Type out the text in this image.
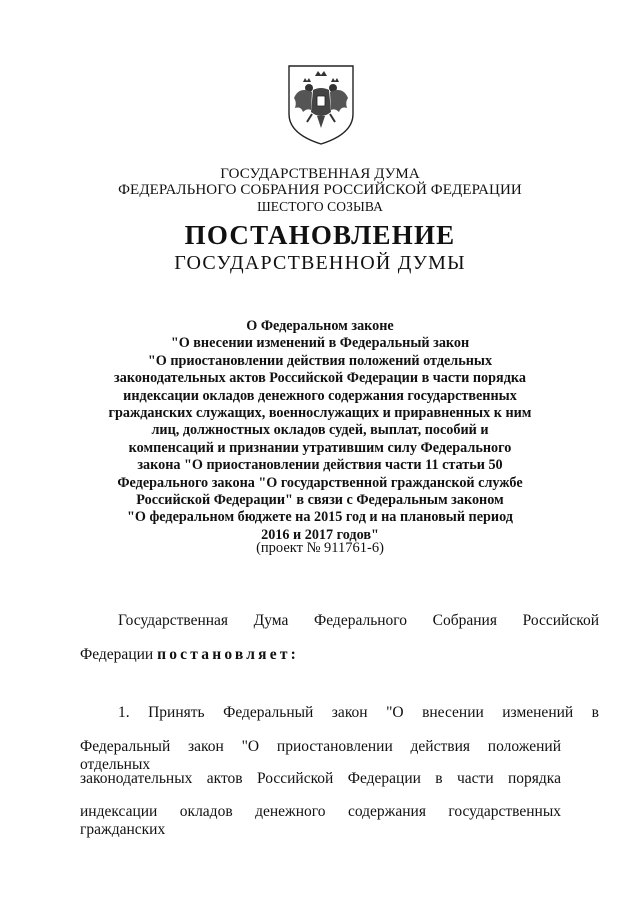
ГОСУДАРСТВЕННАЯ ДУМА
ФЕДЕРАЛЬНОГО СОБРАНИЯ РОССИЙСКОЙ ФЕДЕРАЦИИ
ШЕСТОГО СОЗЫВА
ПОСТАНОВЛЕНИЕ
ГОСУДАРСТВЕННОЙ ДУМЫ
О Федеральном законе
"О внесении изменений в Федеральный закон
"О приостановлении действия положений отдельных
законодательных актов Российской Федерации в части порядка
индексации окладов денежного содержания государственных
гражданских служащих, военнослужащих и приравненных к ним
лиц, должностных окладов судей, выплат, пособий и
компенсаций и признании утратившим силу Федерального
закона "О приостановлении действия части 11 статьи 50
Федерального закона "О государственной гражданской службе
Российской Федерации" в связи с Федеральным законом
"О федеральном бюджете на 2015 год и на плановый период
2016 и 2017 годов"
(проект № 911761-6)
Государственная Дума Федерального Собрания Российской
Федерации постановляет:
1. Принять Федеральный закон "О внесении изменений в
Федеральный закон "О приостановлении действия положений отдельных
законодательных актов Российской Федерации в части порядка
индексации окладов денежного содержания государственных гражданских
